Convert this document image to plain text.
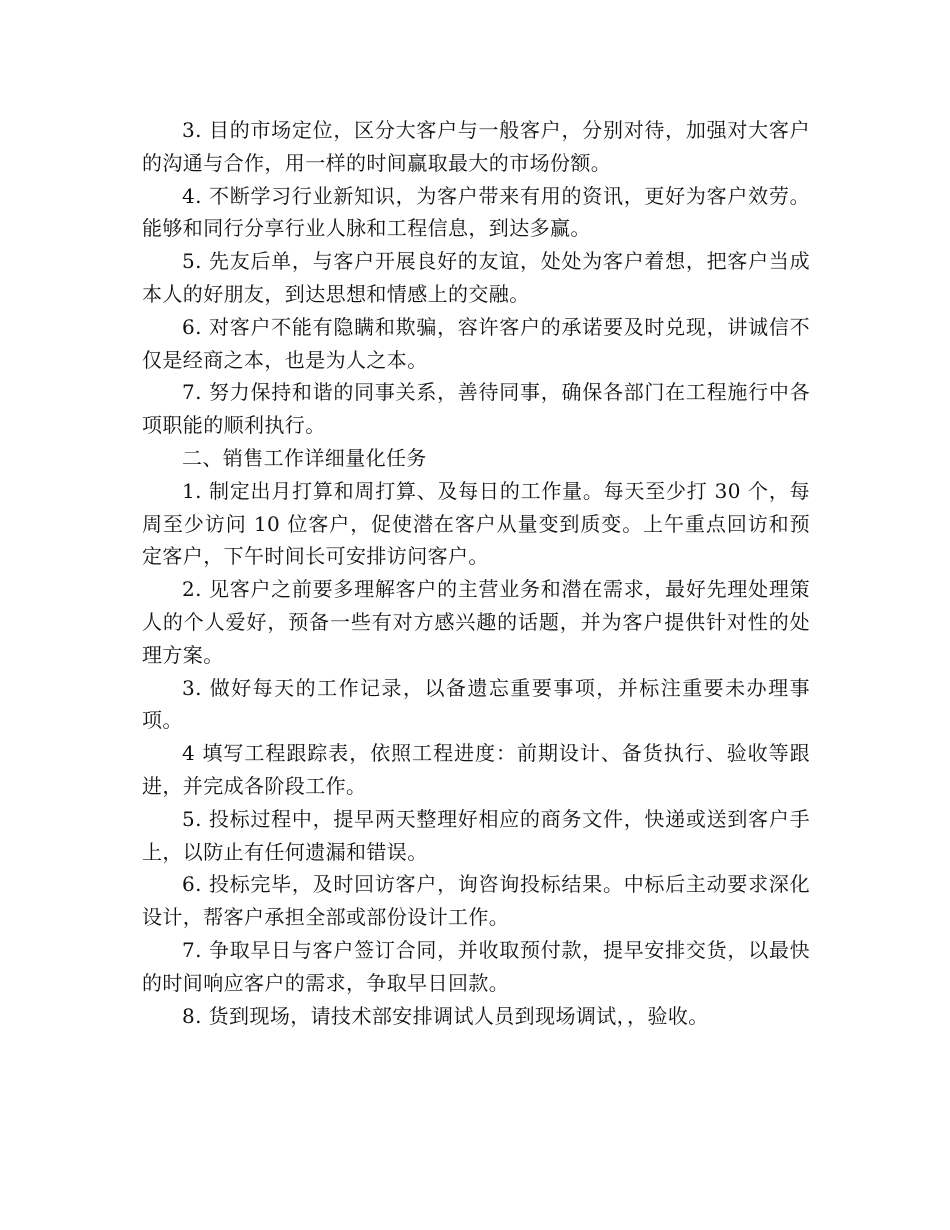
3. 目的市场定位，区分大客户与一般客户，分别对待，加强对大客户的沟通与合作，用一样的时间赢取最大的市场份额。

4. 不断学习行业新知识，为客户带来有用的资讯，更好为客户效劳。能够和同行分享行业人脉和工程信息，到达多赢。

5. 先友后单，与客户开展良好的友谊，处处为客户着想，把客户当成本人的好朋友，到达思想和情感上的交融。

6. 对客户不能有隐瞒和欺骗，容许客户的承诺要及时兑现，讲诚信不仅是经商之本，也是为人之本。

7. 努力保持和谐的同事关系，善待同事，确保各部门在工程施行中各项职能的顺利执行。

二、销售工作详细量化任务

1. 制定出月打算和周打算、及每日的工作量。每天至少打 30 个，每周至少访问 10 位客户，促使潜在客户从量变到质变。上午重点回访和预定客户，下午时间长可安排访问客户。

2. 见客户之前要多理解客户的主营业务和潜在需求，最好先理处理策人的个人爱好，预备一些有对方感兴趣的话题，并为客户提供针对性的处理方案。

3. 做好每天的工作记录，以备遗忘重要事项，并标注重要未办理事项。

4 填写工程跟踪表，依照工程进度：前期设计、备货执行、验收等跟进，并完成各阶段工作。

5. 投标过程中，提早两天整理好相应的商务文件，快递或送到客户手上，以防止有任何遗漏和错误。

6. 投标完毕，及时回访客户，询咨询投标结果。中标后主动要求深化设计，帮客户承担全部或部份设计工作。

7. 争取早日与客户签订合同，并收取预付款，提早安排交货，以最快的时间响应客户的需求，争取早日回款。

8. 货到现场，请技术部安排调试人员到现场调试，，验收。
